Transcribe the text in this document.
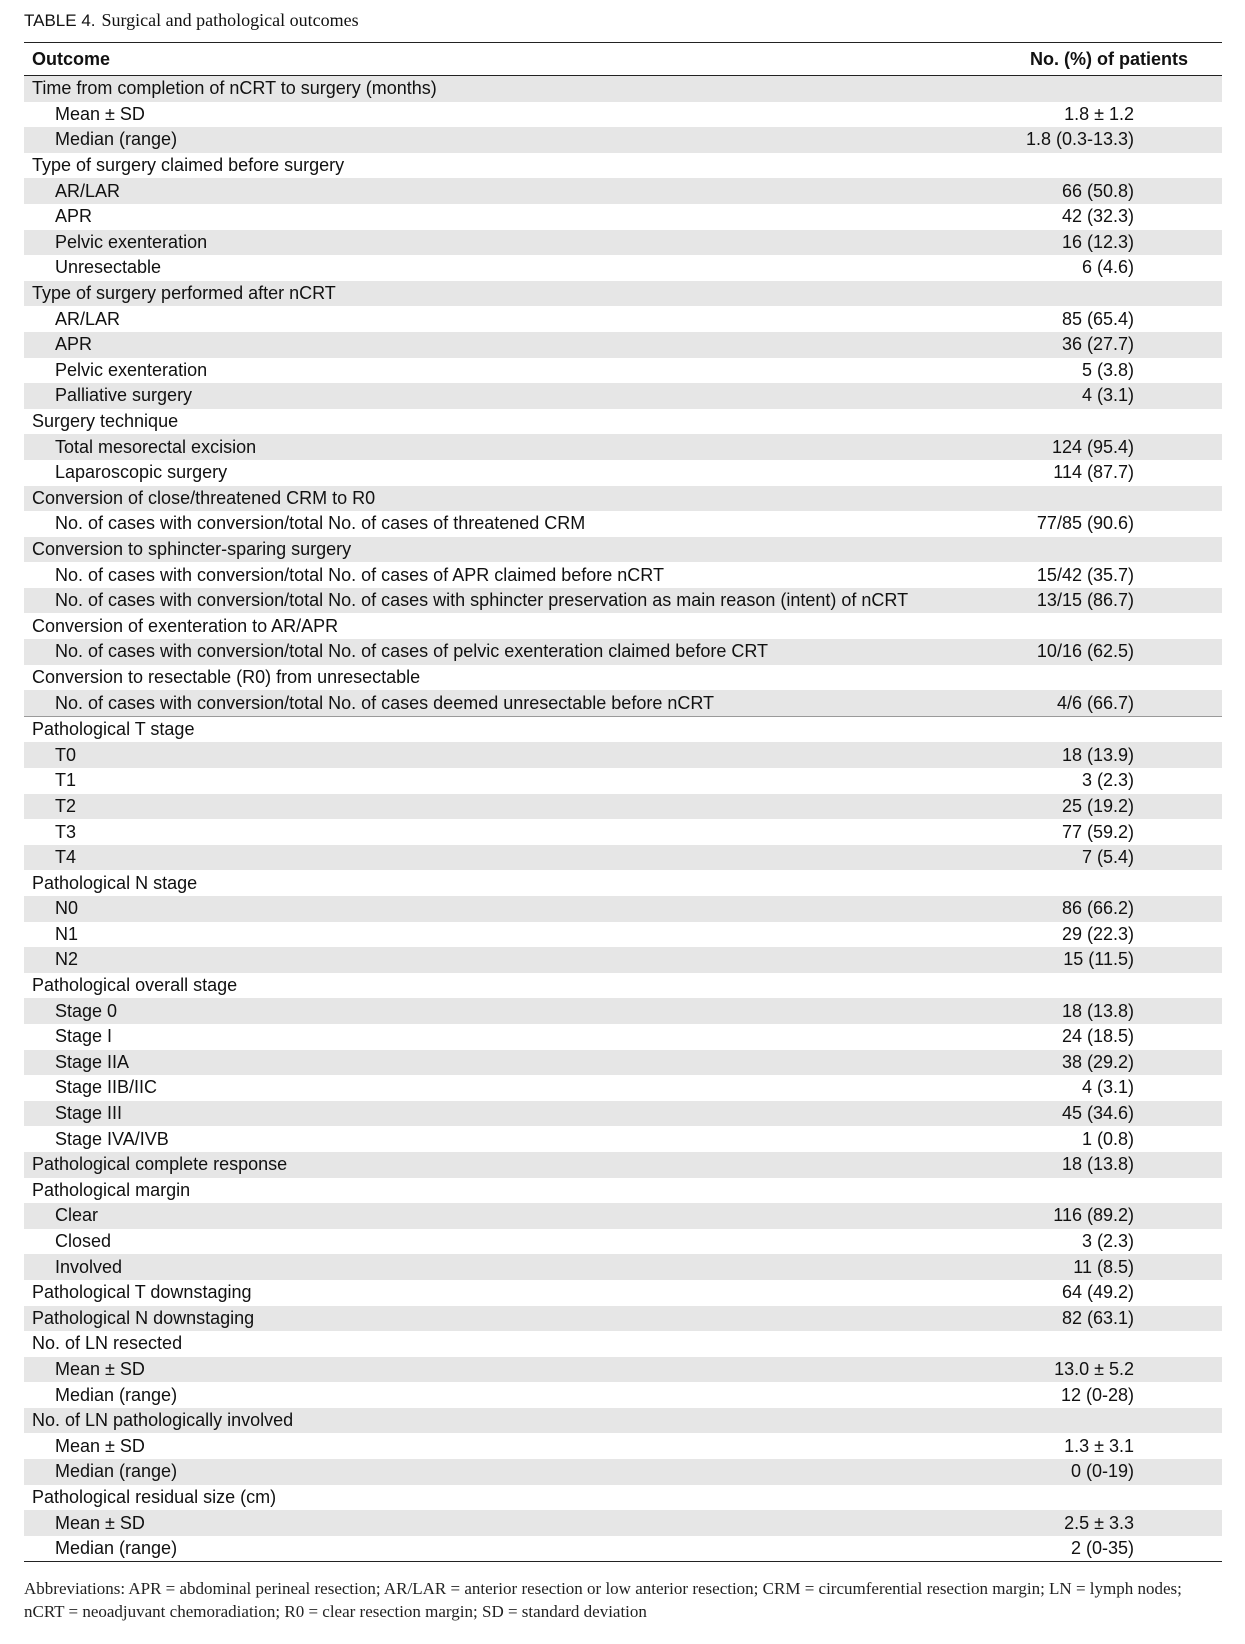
TABLE 4. Surgical and pathological outcomes
Outcome	No. (%) of patients
Time from completion of nCRT to surgery (months)
Mean ± SD	1.8 ± 1.2
Median (range)	1.8 (0.3-13.3)
Type of surgery claimed before surgery
AR/LAR	66 (50.8)
APR	42 (32.3)
Pelvic exenteration	16 (12.3)
Unresectable	6 (4.6)
Type of surgery performed after nCRT
AR/LAR	85 (65.4)
APR	36 (27.7)
Pelvic exenteration	5 (3.8)
Palliative surgery	4 (3.1)
Surgery technique
Total mesorectal excision	124 (95.4)
Laparoscopic surgery	114 (87.7)
Conversion of close/threatened CRM to R0
No. of cases with conversion/total No. of cases of threatened CRM	77/85 (90.6)
Conversion to sphincter-sparing surgery
No. of cases with conversion/total No. of cases of APR claimed before nCRT	15/42 (35.7)
No. of cases with conversion/total No. of cases with sphincter preservation as main reason (intent) of nCRT	13/15 (86.7)
Conversion of exenteration to AR/APR
No. of cases with conversion/total No. of cases of pelvic exenteration claimed before CRT	10/16 (62.5)
Conversion to resectable (R0) from unresectable
No. of cases with conversion/total No. of cases deemed unresectable before nCRT	4/6 (66.7)
Pathological T stage
T0	18 (13.9)
T1	3 (2.3)
T2	25 (19.2)
T3	77 (59.2)
T4	7 (5.4)
Pathological N stage
N0	86 (66.2)
N1	29 (22.3)
N2	15 (11.5)
Pathological overall stage
Stage 0	18 (13.8)
Stage I	24 (18.5)
Stage IIA	38 (29.2)
Stage IIB/IIC	4 (3.1)
Stage III	45 (34.6)
Stage IVA/IVB	1 (0.8)
Pathological complete response	18 (13.8)
Pathological margin
Clear	116 (89.2)
Closed	3 (2.3)
Involved	11 (8.5)
Pathological T downstaging	64 (49.2)
Pathological N downstaging	82 (63.1)
No. of LN resected
Mean ± SD	13.0 ± 5.2
Median (range)	12 (0-28)
No. of LN pathologically involved
Mean ± SD	1.3 ± 3.1
Median (range)	0 (0-19)
Pathological residual size (cm)
Mean ± SD	2.5 ± 3.3
Median (range)	2 (0-35)
Abbreviations: APR = abdominal perineal resection; AR/LAR = anterior resection or low anterior resection; CRM = circumferential resection margin; LN = lymph nodes; nCRT = neoadjuvant chemoradiation; R0 = clear resection margin; SD = standard deviation
